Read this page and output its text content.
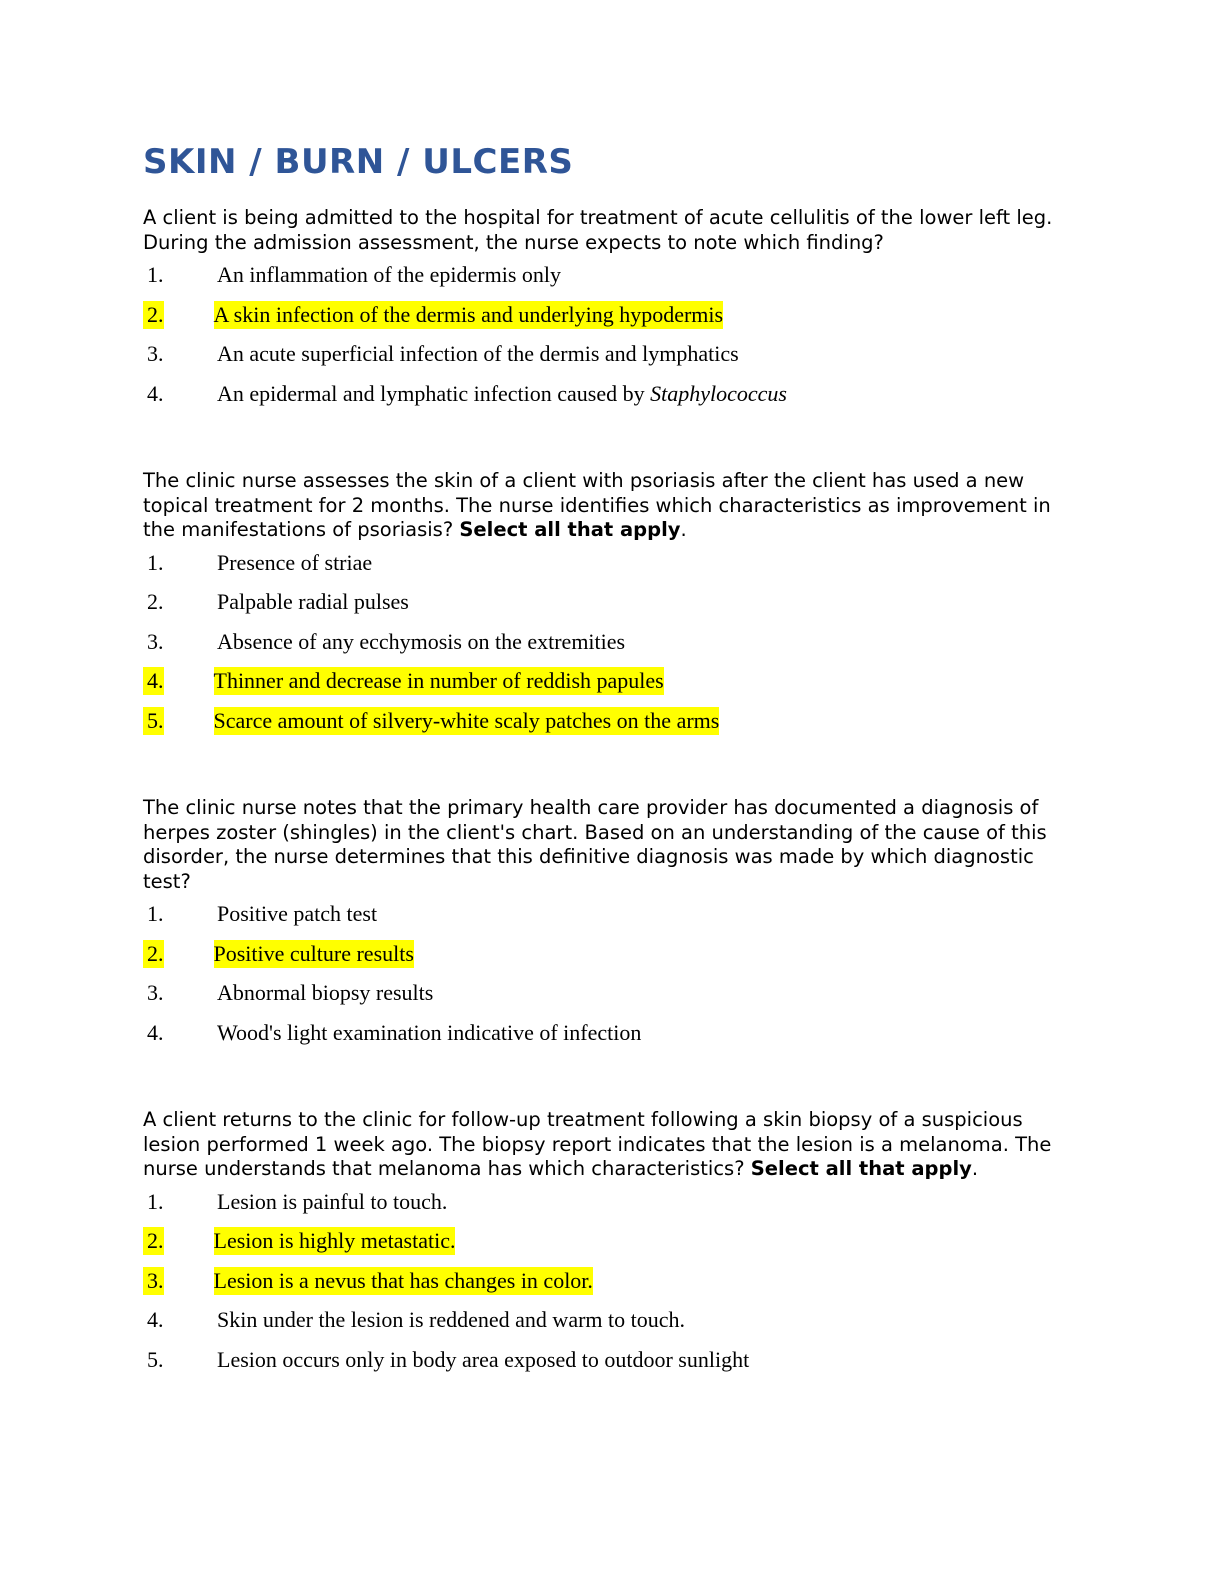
SKIN / BURN / ULCERS

A client is being admitted to the hospital for treatment of acute cellulitis of the lower left leg. During the admission assessment, the nurse expects to note which finding?

1.	An inflammation of the epidermis only
2. A skin infection of the dermis and underlying hypodermis
3.	An acute superficial infection of the dermis and lymphatics
4.	An epidermal and lymphatic infection caused by Staphylococcus

The clinic nurse assesses the skin of a client with psoriasis after the client has used a new topical treatment for 2 months. The nurse identifies which characteristics as improvement in the manifestations of psoriasis? Select all that apply.

1.	Presence of striae
2.	Palpable radial pulses
3.	Absence of any ecchymosis on the extremities
4. Thinner and decrease in number of reddish papules
5. Scarce amount of silvery-white scaly patches on the arms

The clinic nurse notes that the primary health care provider has documented a diagnosis of herpes zoster (shingles) in the client's chart. Based on an understanding of the cause of this disorder, the nurse determines that this definitive diagnosis was made by which diagnostic test?

1.	Positive patch test
2. Positive culture results
3.	Abnormal biopsy results
4.	Wood's light examination indicative of infection

A client returns to the clinic for follow-up treatment following a skin biopsy of a suspicious lesion performed 1 week ago. The biopsy report indicates that the lesion is a melanoma. The nurse understands that melanoma has which characteristics? Select all that apply.

1.	Lesion is painful to touch.
2. Lesion is highly metastatic.
3. Lesion is a nevus that has changes in color.
4.	Skin under the lesion is reddened and warm to touch.
5.	Lesion occurs only in body area exposed to outdoor sunlight
